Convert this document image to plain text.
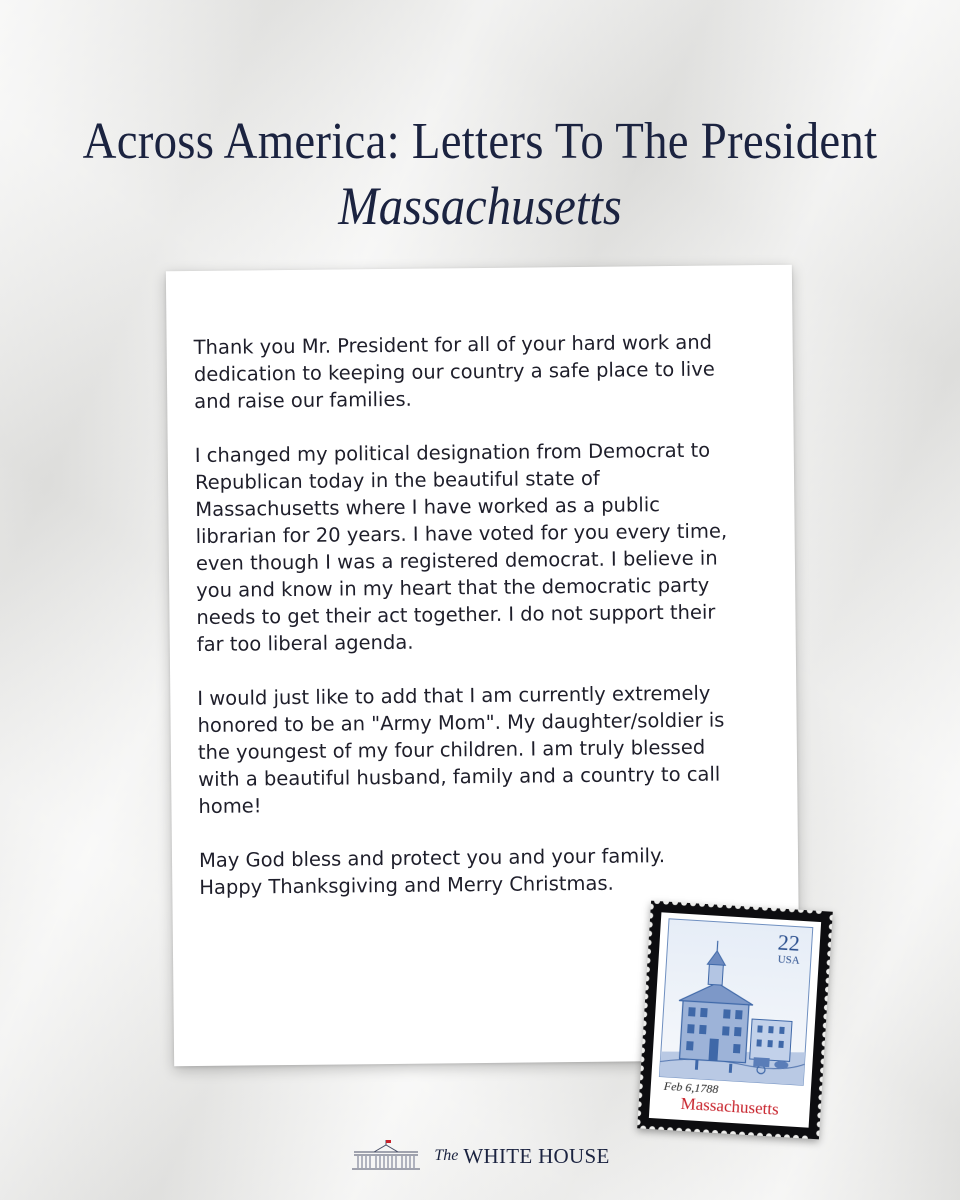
Across America: Letters To The President
Massachusetts
Thank you Mr. President for all of your hard work and
dedication to keeping our country a safe place to live
and raise our families.
I changed my political designation from Democrat to
Republican today in the beautiful state of
Massachusetts where I have worked as a public
librarian for 20 years. I have voted for you every time,
even though I was a registered democrat. I believe in
you and know in my heart that the democratic party
needs to get their act together. I do not support their
far too liberal agenda.
I would just like to add that I am currently extremely
honored to be an "Army Mom". My daughter/soldier is
the youngest of my four children. I am truly blessed
with a beautiful husband, family and a country to call
home!
May God bless and protect you and your family.
Happy Thanksgiving and Merry Christmas.
22
USA
Feb 6,1788
Massachusetts
The WHITE HOUSE
